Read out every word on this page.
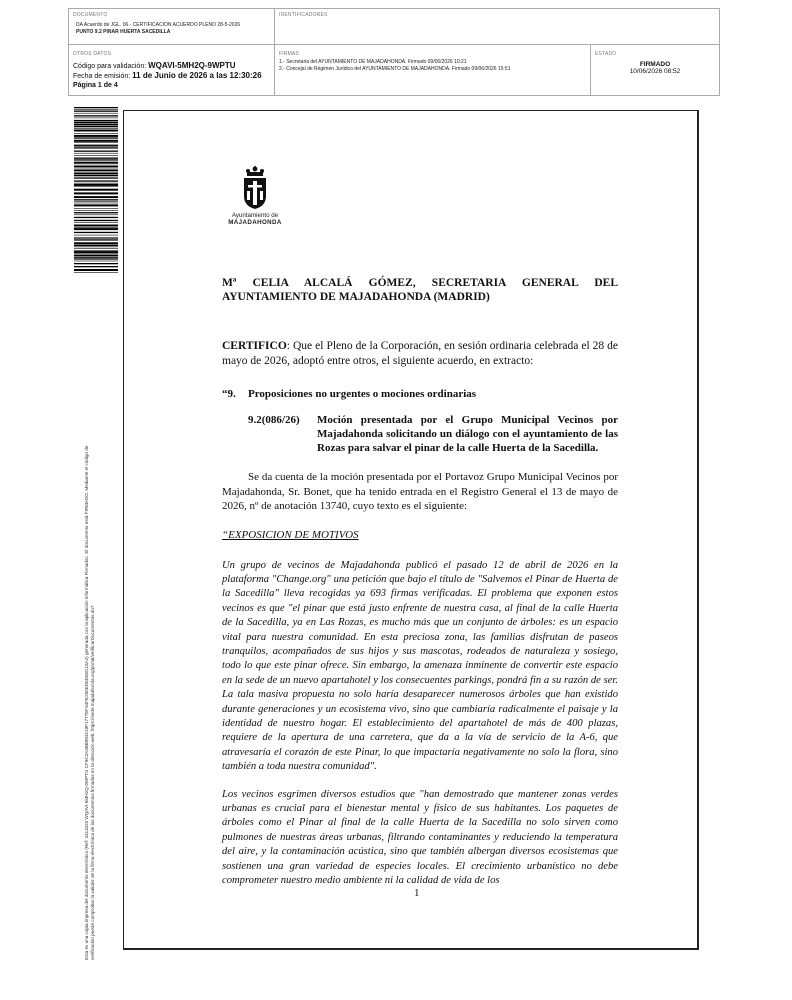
DOCUMENTO
DA Acuerdo de JGL. 06.- CERTIFICACION ACUERDO PLENO 28-5-2026
PUNTO 9.2 PINAR HUERTA SACEDILLA
IDENTIFICADORES
OTROS DATOS
Código para validación: WQAVI-5MH2Q-9WPTU
Fecha de emisión: 11 de Junio de 2026 a las 12:30:26
Página 1 de 4
FIRMAS
1.- Secretaria del AYUNTAMIENTO DE MAJADAHONDA. Firmado 09/06/2026 10:21
2.- Concejal de Régimen Jurídico del AYUNTAMIENTO DE MAJADAHONDA. Firmado 09/06/2026 15:51
ESTADO
FIRMADO
10/06/2026 08:52
Esta es una copia impresa del documento electrónico (Ref: 4411823 WQAVI-5MH2Q-9WPTU CF9C2A4BB993219F1777EF44FE250ED6D55C15A2) generada con la aplicación informática Firmadoc. El documento está FIRMADO. Mediante el código de verificación puede comprobar la validez de la firma electrónica de los documentos firmados en la dirección web: https://sede.majadahonda.org/portal/verificarDocumentos.do?
Ayuntamiento de
MAJADAHONDA

Mª CELIA ALCALÁ GÓMEZ, SECRETARIA GENERAL DEL AYUNTAMIENTO DE MAJADAHONDA (MADRID)

CERTIFICO: Que el Pleno de la Corporación, en sesión ordinaria celebrada el 28 de mayo de 2026, adoptó entre otros, el siguiente acuerdo, en extracto:

“9. Proposiciones no urgentes o mociones ordinarias
9.2(086/26)	Moción presentada por el Grupo Municipal Vecinos por Majadahonda solicitando un diálogo con el ayuntamiento de las Rozas para salvar el pinar de la calle Huerta de la Sacedilla.

Se da cuenta de la moción presentada por el Portavoz Grupo Municipal Vecinos por Majadahonda, Sr. Bonet, que ha tenido entrada en el Registro General el 13 de mayo de 2026, nº de anotación 13740, cuyo texto es el siguiente:

“EXPOSICION DE MOTIVOS

Un grupo de vecinos de Majadahonda publicó el pasado 12 de abril de 2026 en la plataforma "Change.org" una petición que bajo el título de "Salvemos el Pinar de Huerta de la Sacedilla" lleva recogidas ya 693 firmas verificadas. El problema que exponen estos vecinos es que "el pinar que está justo enfrente de nuestra casa, al final de la calle Huerta de la Sacedilla, ya en Las Rozas, es mucho más que un conjunto de árboles: es un espacio vital para nuestra comunidad. En esta preciosa zona, las familias disfrutan de paseos tranquilos, acompañados de sus hijos y sus mascotas, rodeados de naturaleza y sosiego, todo lo que este pinar ofrece. Sin embargo, la amenaza inminente de convertir este espacio en la sede de un nuevo apartahotel y los consecuentes parkings, pondrá fin a su razón de ser. La tala masiva propuesta no solo haría desaparecer numerosos árboles que han existido durante generaciones y un ecosistema vivo, sino que cambiaría radicalmente el paisaje y la identidad de nuestro hogar. El establecimiento del apartahotel de más de 400 plazas, requiere de la apertura de una carretera, que da a la vía de servicio de la A-6, que atravesaría el corazón de este Pinar, lo que impactaría negativamente no solo la flora, sino también a toda nuestra comunidad".

Los vecinos esgrimen diversos estudios que "han demostrado que mantener zonas verdes urbanas es crucial para el bienestar mental y físico de sus habitantes. Los paquetes de árboles como el Pinar al final de la calle Huerta de la Sacedilla no solo sirven como pulmones de nuestras áreas urbanas, filtrando contaminantes y reduciendo la temperatura del aire, y la contaminación acústica, sino que también albergan diversos ecosistemas que sostienen una gran variedad de especies locales. El crecimiento urbanístico no debe comprometer nuestro medio ambiente ni la calidad de vida de los

1
